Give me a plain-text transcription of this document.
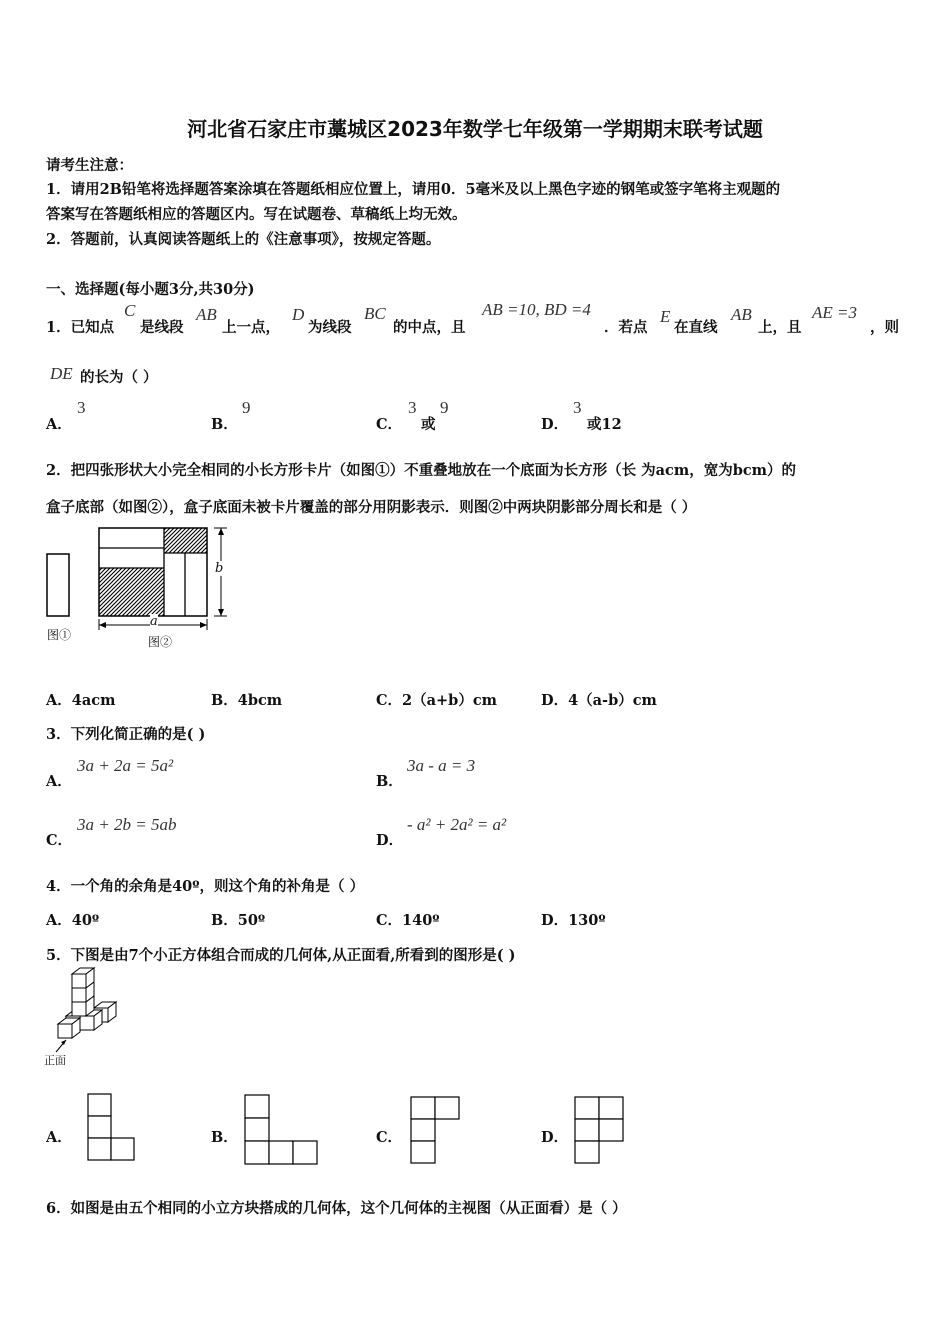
河北省石家庄市藁城区2023年数学七年级第一学期期末联考试题
请考生注意：
1．请用2B铅笔将选择题答案涂填在答题纸相应位置上，请用0．5毫米及以上黑色字迹的钢笔或签字笔将主观题的
答案写在答题纸相应的答题区内。写在试题卷、草稿纸上均无效。
2．答题前，认真阅读答题纸上的《注意事项》，按规定答题。
一、选择题(每小题3分,共30分)
1．已知点
C
是线段
AB
上一点，
D
为线段
BC
的中点，且
AB =10, BD =4
．若点
E
在直线
AB
上，且
AE =3
，则
DE 的长为（ ）
A．
3
B．
9
C．
3
或
9
D．
3
或12
2．把四张形状大小完全相同的小长方形卡片（如图①）不重叠地放在一个底面为长方形（长 为acm，宽为bcm）的
盒子底部（如图②），盒子底面未被卡片覆盖的部分用阴影表示．则图②中两块阴影部分周长和是（ ）
b
a
图①	图②
A．4acm	B．4bcm	C．2（a+b）cm	D．4（a-b）cm
3．下列化简正确的是( )
A．
3a + 2a = 5a²
B．
3a - a = 3
C．
3a + 2b = 5ab
D．
- a² + 2a² = a²
4．一个角的余角是40º，则这个角的补角是（ ）
A．40º	B．50º	C．140º	D．130º
5．下图是由7个小正方体组合而成的几何体,从正面看,所看到的图形是( )
正面
A．	B．	C．	D．
6．如图是由五个相同的小立方块搭成的几何体，这个几何体的主视图（从正面看）是（ ）
